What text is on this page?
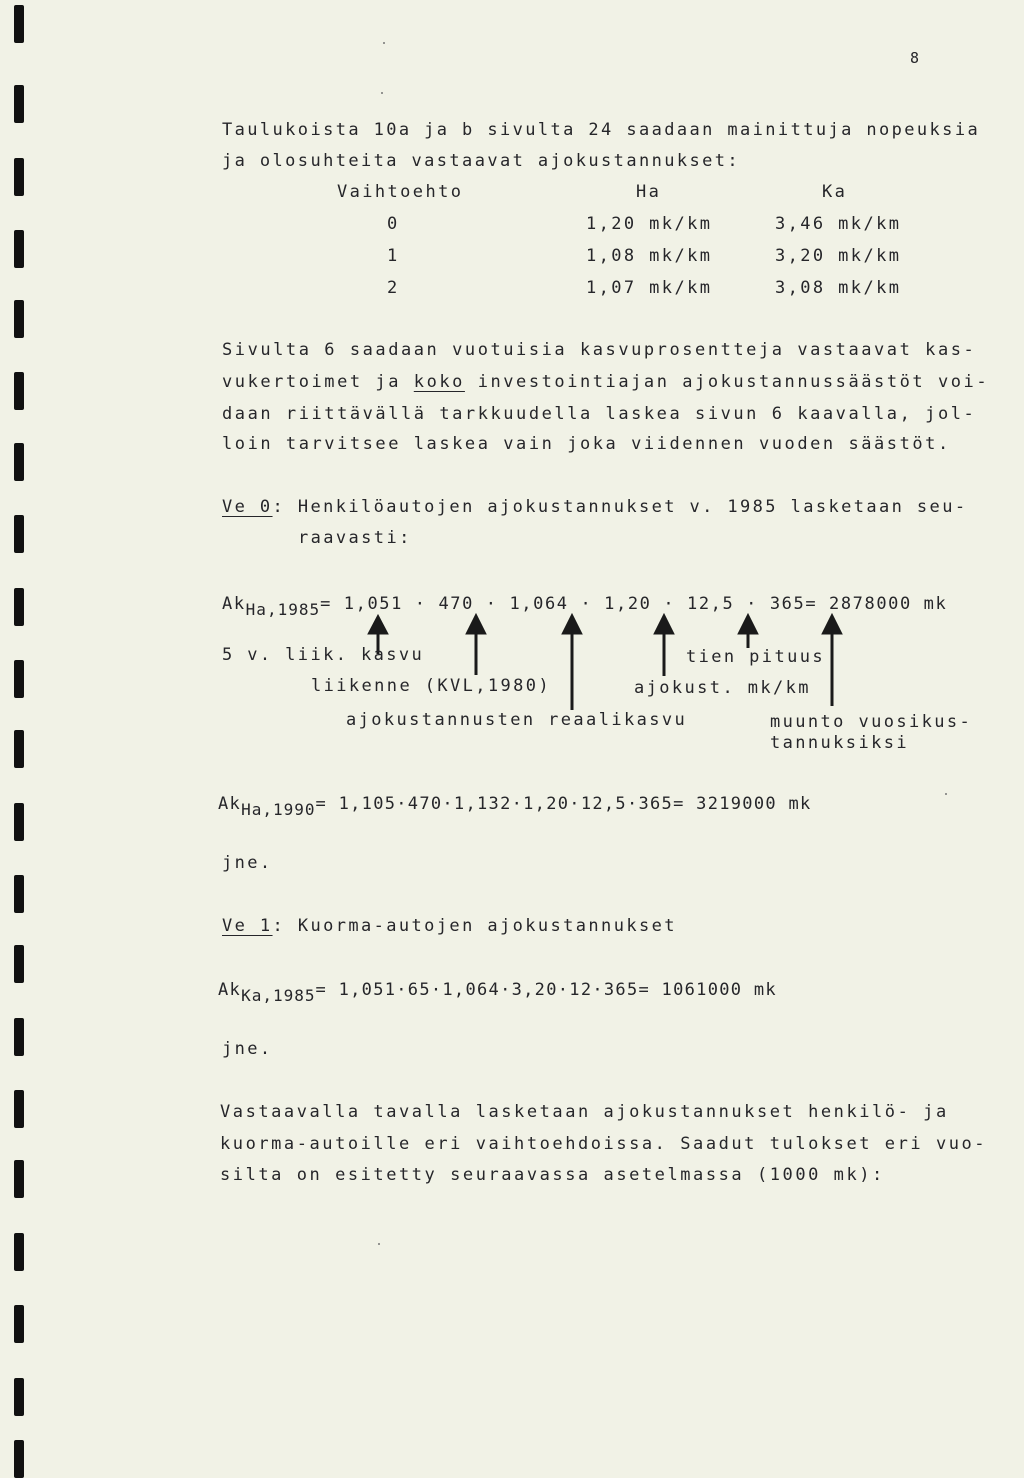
8
Taulukoista 10a ja b sivulta 24 saadaan mainittuja nopeuksia
ja olosuhteita vastaavat ajokustannukset:
Vaihtoehto	Ha	Ka
0	1,20 mk/km	3,46 mk/km
1	1,08 mk/km	3,20 mk/km
2	1,07 mk/km	3,08 mk/km
Sivulta 6 saadaan vuotuisia kasvuprosentteja vastaavat kas-
vukertoimet ja koko investointiajan ajokustannussäästöt voi-
daan riittävällä tarkkuudella laskea sivun 6 kaavalla, jol-
loin tarvitsee laskea vain joka viidennen vuoden säästöt.
Ve 0: Henkilöautojen ajokustannukset v. 1985 lasketaan seu-
raavasti:
AkHa,1985= 1,051 · 470 · 1,064 · 1,20 · 12,5 · 365= 2878000 mk
5 v. liik. kasvu	tien pituus
liikenne (KVL,1980)	ajokust. mk/km
ajokustannusten reaalikasvu	muunto vuosikus-
tannuksiksi
AkHa,1990= 1,105·470·1,132·1,20·12,5·365= 3219000 mk
jne.
Ve 1: Kuorma-autojen ajokustannukset
AkKa,1985= 1,051·65·1,064·3,20·12·365= 1061000 mk
jne.
Vastaavalla tavalla lasketaan ajokustannukset henkilö- ja
kuorma-autoille eri vaihtoehdoissa. Saadut tulokset eri vuo-
silta on esitetty seuraavassa asetelmassa (1000 mk):
